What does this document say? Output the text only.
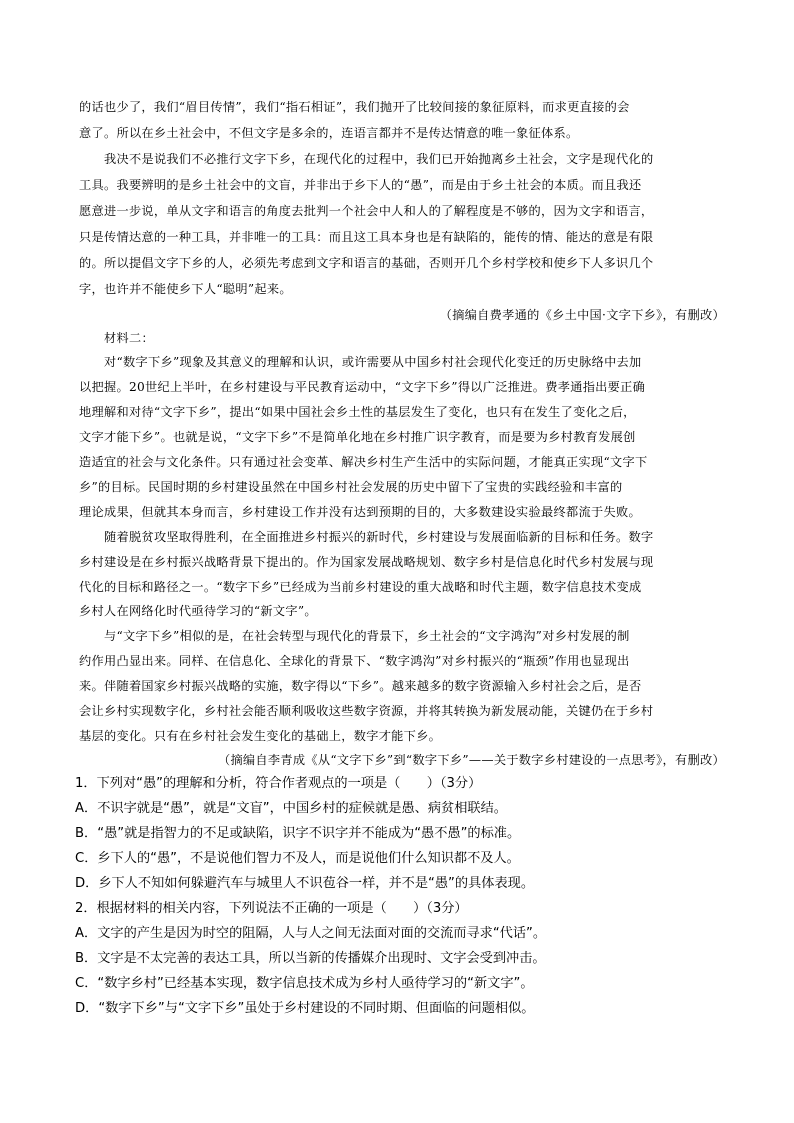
的话也少了，我们“眉目传情”，我们“指石相证”，我们抛开了比较间接的象征原料，而求更直接的会
意了。所以在乡土社会中，不但文字是多余的，连语言都并不是传达情意的唯一象征体系。
我决不是说我们不必推行文字下乡，在现代化的过程中，我们已开始抛离乡土社会，文字是现代化的
工具。我要辨明的是乡土社会中的文盲，并非出于乡下人的“愚”，而是由于乡土社会的本质。而且我还
愿意进一步说，单从文字和语言的角度去批判一个社会中人和人的了解程度是不够的，因为文字和语言，
只是传情达意的一种工具，并非唯一的工具：而且这工具本身也是有缺陷的，能传的情、能达的意是有限
的。所以提倡文字下乡的人，必须先考虑到文字和语言的基础，否则开几个乡村学校和使乡下人多识几个
字，也许并不能使乡下人“聪明”起来。
（摘编自费孝通的《乡土中国·文字下乡》，有删改）
材料二：
对“数字下乡”现象及其意义的理解和认识，或许需要从中国乡村社会现代化变迁的历史脉络中去加
以把握。20世纪上半叶，在乡村建设与平民教育运动中，“文字下乡”得以广泛推进。费孝通指出要正确
地理解和对待“文字下乡”，提出“如果中国社会乡土性的基层发生了变化，也只有在发生了变化之后，
文字才能下乡”。也就是说，“文字下乡”不是简单化地在乡村推广识字教育，而是要为乡村教育发展创
造适宜的社会与文化条件。只有通过社会变革、解决乡村生产生活中的实际问题，才能真正实现“文字下
乡”的目标。民国时期的乡村建设虽然在中国乡村社会发展的历史中留下了宝贵的实践经验和丰富的
理论成果，但就其本身而言，乡村建设工作并没有达到预期的目的，大多数建设实验最终都流于失败。
随着脱贫攻坚取得胜利，在全面推进乡村振兴的新时代，乡村建设与发展面临新的目标和任务。数字
乡村建设是在乡村振兴战略背景下提出的。作为国家发展战略规划、数字乡村是信息化时代乡村发展与现
代化的目标和路径之一。“数字下乡”已经成为当前乡村建设的重大战略和时代主题，数字信息技术变成
乡村人在网络化时代亟待学习的“新文字”。
与“文字下乡”相似的是，在社会转型与现代化的背景下，乡土社会的“文字鸿沟”对乡村发展的制
约作用凸显出来。同样、在信息化、全球化的背景下、“数字鸿沟”对乡村振兴的“瓶颈”作用也显现出
来。伴随着国家乡村振兴战略的实施，数字得以“下乡”。越来越多的数字资源输入乡村社会之后，是否
会让乡村实现数字化，乡村社会能否顺利吸收这些数字资源，并将其转换为新发展动能，关键仍在于乡村
基层的变化。只有在乡村社会发生变化的基础上，数字才能下乡。
（摘编自李青成《从“文字下乡”到“数字下乡”——关于数字乡村建设的一点思考》，有删改）
1．下列对“愚”的理解和分析，符合作者观点的一项是（　　）（3分）
A．不识字就是“愚”，就是“文盲”，中国乡村的症候就是愚、病贫相联结。
B．“愚”就是指智力的不足或缺陷，识字不识字并不能成为“愚不愚”的标准。
C．乡下人的“愚”，不是说他们智力不及人，而是说他们什么知识都不及人。
D．乡下人不知如何躲避汽车与城里人不识苞谷一样，并不是“愚”的具体表现。
2．根据材料的相关内容，下列说法不正确的一项是（　　）（3分）
A．文字的产生是因为时空的阻隔，人与人之间无法面对面的交流而寻求“代话”。
B．文字是不太完善的表达工具，所以当新的传播媒介出现时、文字会受到冲击。
C．“数字乡村”已经基本实现，数字信息技术成为乡村人亟待学习的“新文字”。
D．“数字下乡”与“文字下乡”虽处于乡村建设的不同时期、但面临的问题相似。
